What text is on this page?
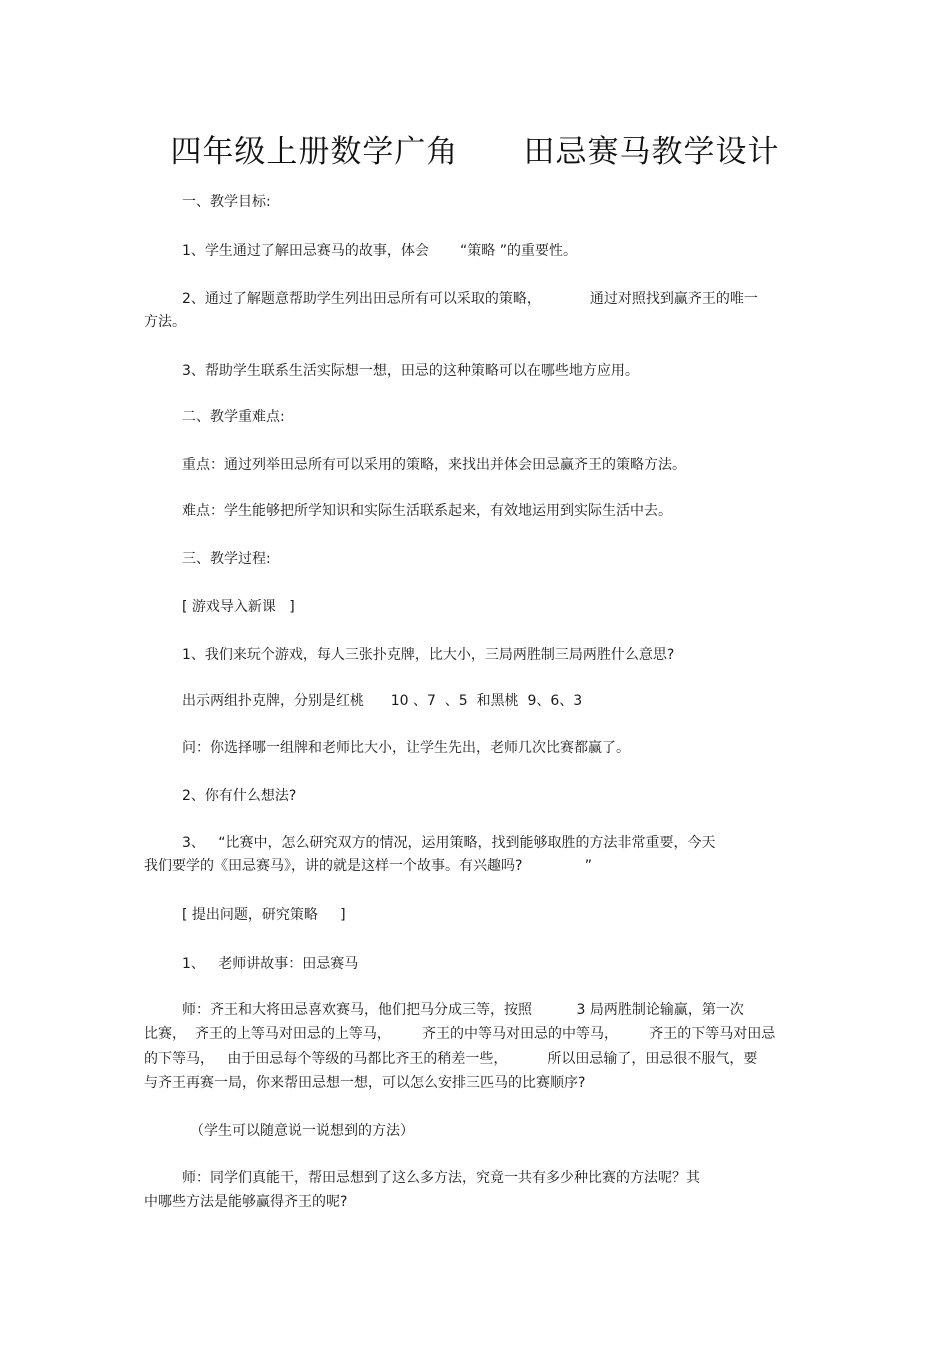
四年级上册数学广角      田忌赛马教学设计
一、教学目标:
1、学生通过了解田忌赛马的故事，体会       “策略 ”的重要性。
2、通过了解题意帮助学生列出田忌所有可以采取的策略，           通过对照找到赢齐王的唯一
方法。
3、帮助学生联系生活实际想一想，田忌的这种策略可以在哪些地方应用。
二、教学重难点:
重点：通过列举田忌所有可以采用的策略，来找出并体会田忌赢齐王的策略方法。
难点：学生能够把所学知识和实际生活联系起来，有效地运用到实际生活中去。
三、教学过程:
[ 游戏导入新课   ]
1、我们来玩个游戏，每人三张扑克牌，比大小，三局两胜制三局两胜什么意思?
出示两组扑克牌，分别是红桃      10 、7  、5  和黑桃  9、6、3
问：你选择哪一组牌和老师比大小，让学生先出，老师几次比赛都赢了。
2、你有什么想法?
3、   “比赛中，怎么研究双方的情况，运用策略，找到能够取胜的方法非常重要，今天
我们要学的《田忌赛马》，讲的就是这样一个故事。有兴趣吗?              ”
[ 提出问题，研究策略     ]
1、   老师讲故事：田忌赛马
师：齐王和大将田忌喜欢赛马，他们把马分成三等，按照          3 局两胜制论输赢，第一次
比赛，  齐王的上等马对田忌的上等马，       齐王的中等马对田忌的中等马，       齐王的下等马对田忌
的下等马，   由于田忌每个等级的马都比齐王的稍差一些，         所以田忌输了，田忌很不服气，要
与齐王再赛一局，你来帮田忌想一想，可以怎么安排三匹马的比赛顺序?
（学生可以随意说一说想到的方法）
师：同学们真能干，帮田忌想到了这么多方法，究竟一共有多少种比赛的方法呢？其
中哪些方法是能够赢得齐王的呢?
